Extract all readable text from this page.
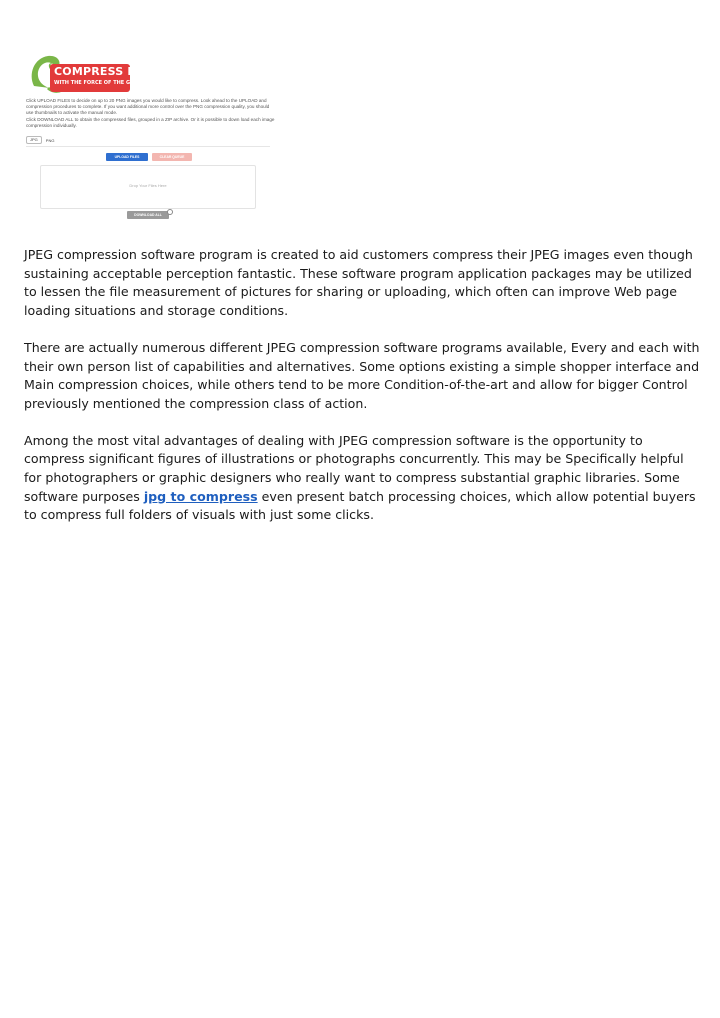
COMPRESS PNG
WITH THE FORCE OF THE GECKO

Click UPLOAD FILES to decide on up to 20 PNG images you would like to compress. Look ahead to the UPLOAD and compression procedures to complete. If you want additional more control over the PNG compression quality, you should use thumbnails to activate the manual mode.

Click DOWNLOAD ALL to obtain the compressed files, grouped in a ZIP archive. Or it is possible to down load each image compression individually.

JPG	PNG
UPLOAD FILES	CLEAR QUEUE
Drop Your Files Here
DOWNLOAD ALL

JPEG compression software program is created to aid customers compress their JPEG images even though sustaining acceptable perception fantastic. These software program application packages may be utilized to lessen the file measurement of pictures for sharing or uploading, which often can improve Web page loading situations and storage conditions.

There are actually numerous different JPEG compression software programs available, Every and each with their own person list of capabilities and alternatives. Some options existing a simple shopper interface and Main compression choices, while others tend to be more Condition-of-the-art and allow for bigger Control previously mentioned the compression class of action.

Among the most vital advantages of dealing with JPEG compression software is the opportunity to compress significant figures of illustrations or photographs concurrently. This may be Specifically helpful for photographers or graphic designers who really want to compress substantial graphic libraries. Some software purposes jpg to compress even present batch processing choices, which allow potential buyers to compress full folders of visuals with just some clicks.
